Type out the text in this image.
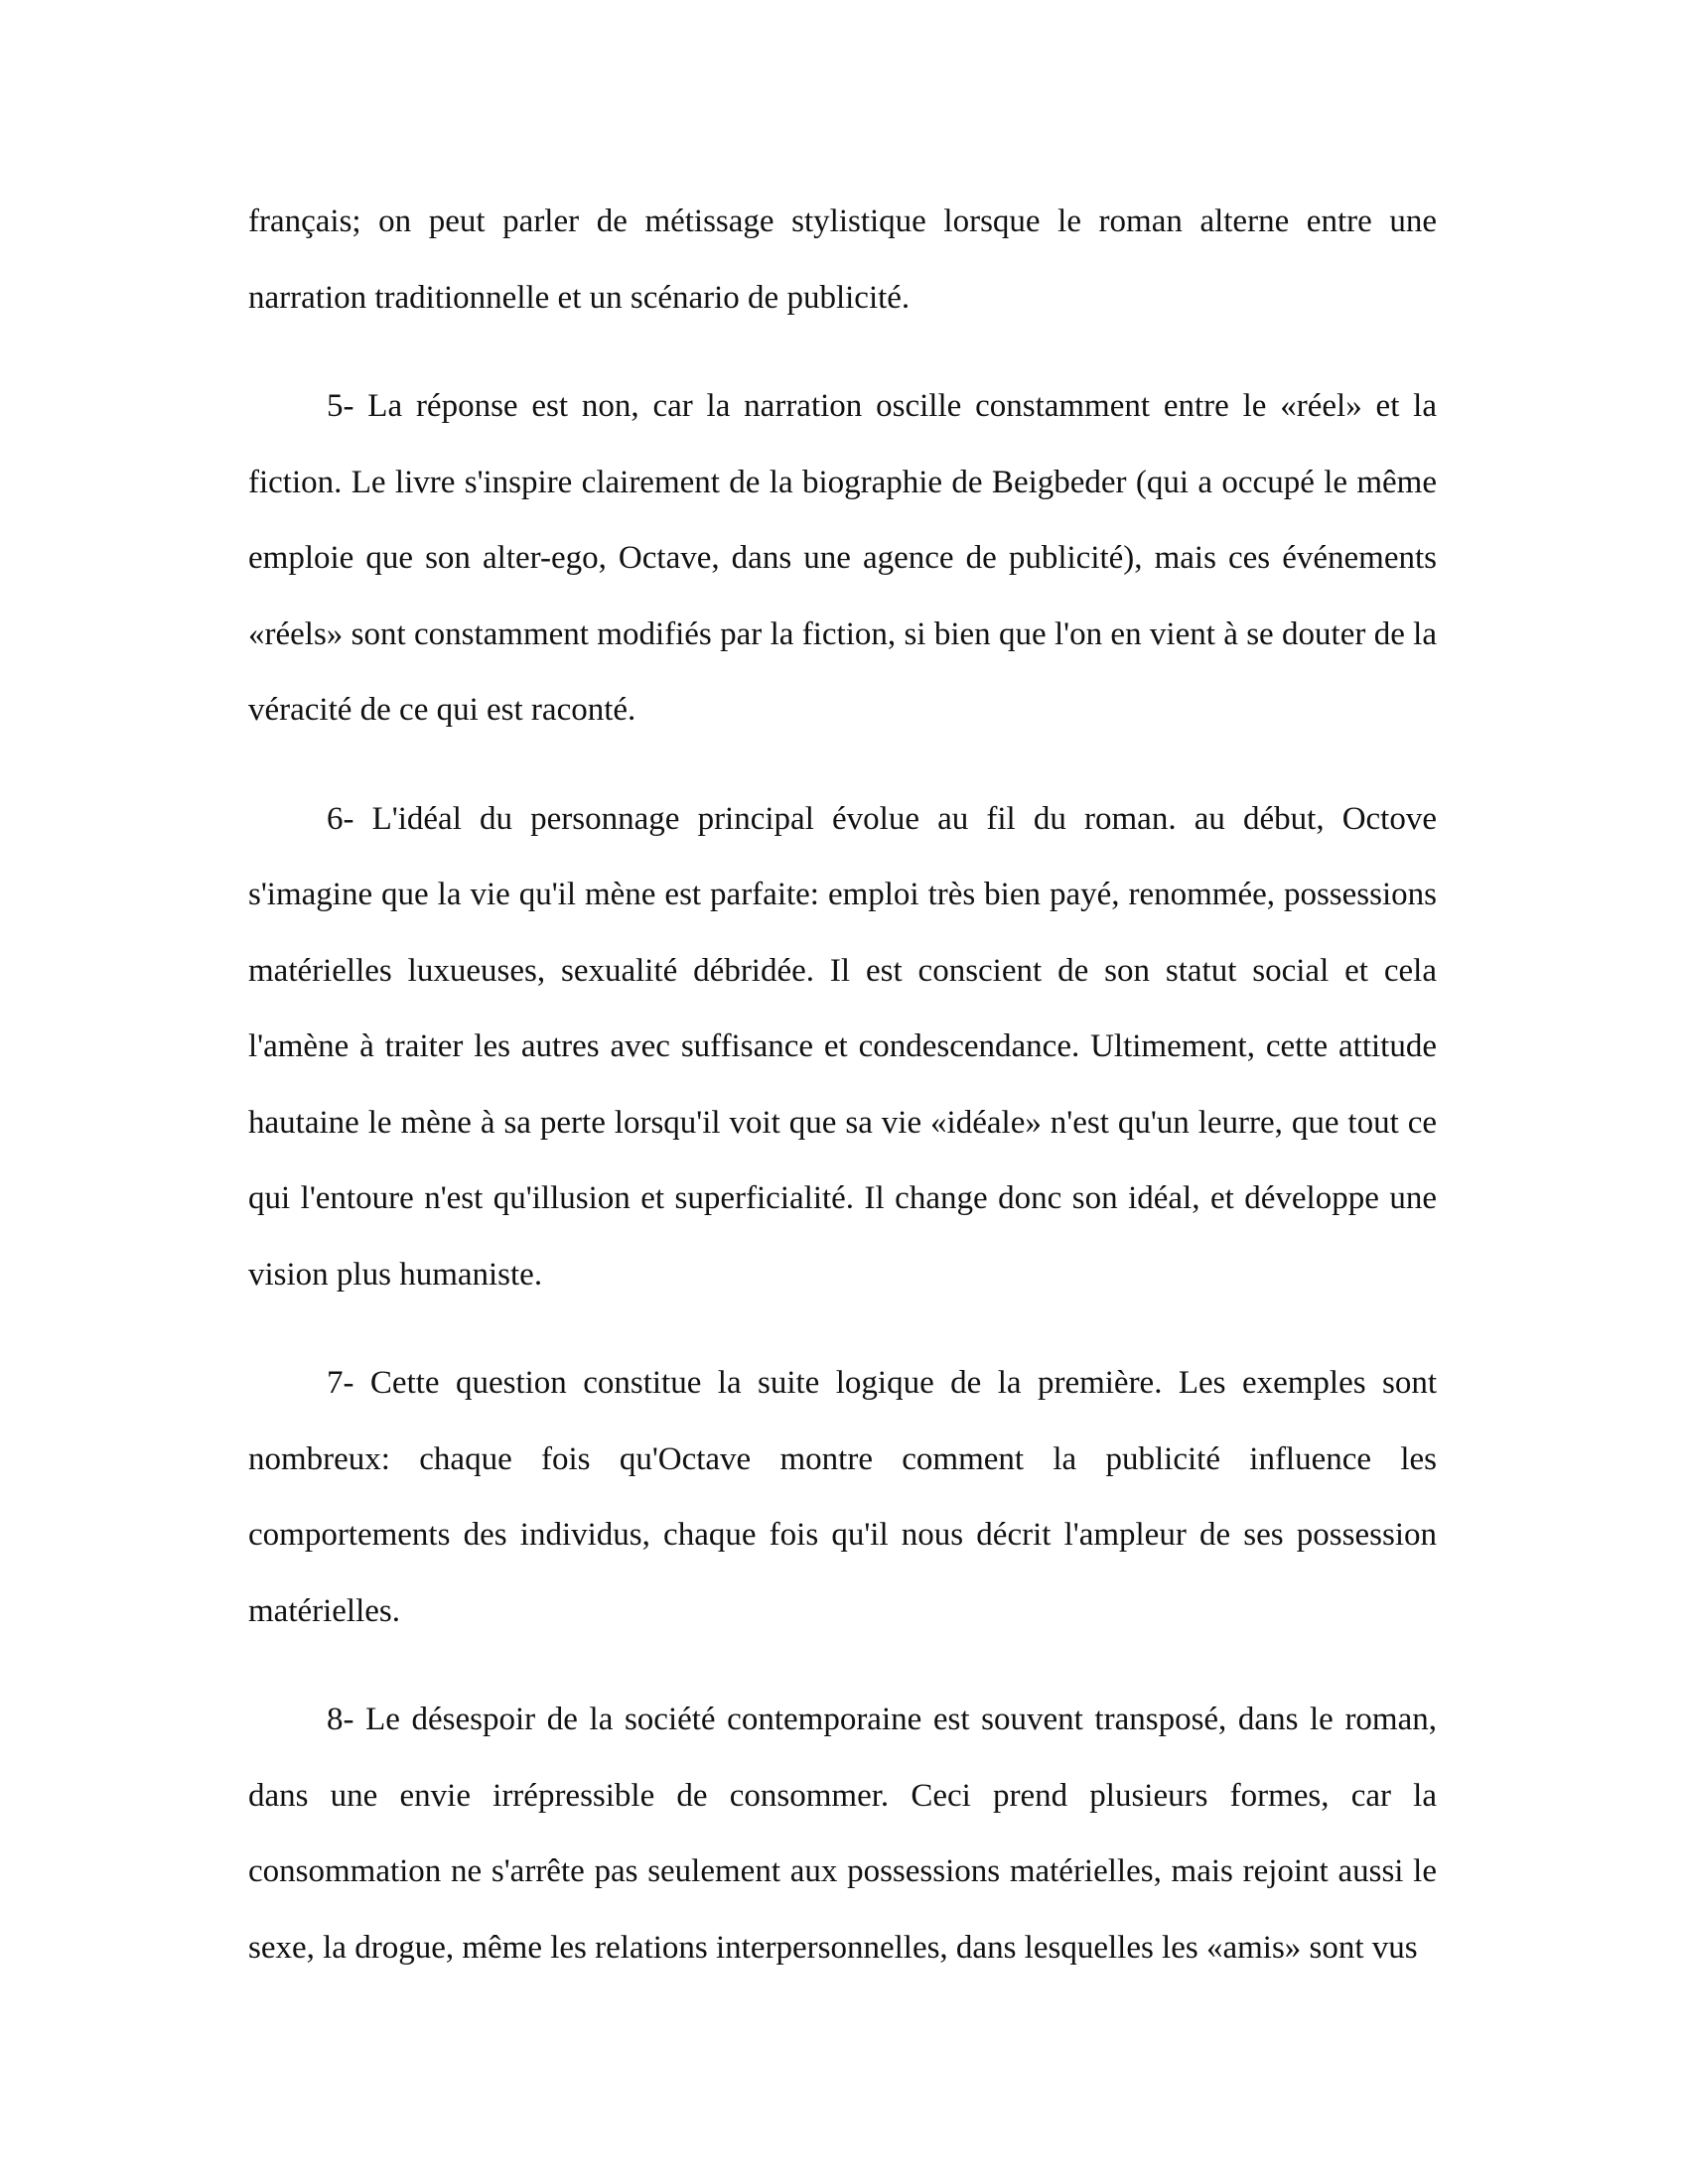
français; on peut parler de métissage stylistique lorsque le roman alterne entre une narration traditionnelle et un scénario de publicité.

5- La réponse est non, car la narration oscille constamment entre le «réel» et la fiction. Le livre s'inspire clairement de la biographie de Beigbeder (qui a occupé le même emploie que son alter-ego, Octave, dans une agence de publicité), mais ces événements «réels» sont constamment modifiés par la fiction, si bien que l'on en vient à se douter de la véracité de ce qui est raconté.

6- L'idéal du personnage principal évolue au fil du roman. au début, Octove s'imagine que la vie qu'il mène est parfaite: emploi très bien payé, renommée, possessions matérielles luxueuses, sexualité débridée. Il est conscient de son statut social et cela l'amène à traiter les autres avec suffisance et condescendance. Ultimement, cette attitude hautaine le mène à sa perte lorsqu'il voit que sa vie «idéale» n'est qu'un leurre, que tout ce qui l'entoure n'est qu'illusion et superficialité. Il change donc son idéal, et développe une vision plus humaniste.

7- Cette question constitue la suite logique de la première. Les exemples sont nombreux: chaque fois qu'Octave montre comment la publicité influence les comportements des individus, chaque fois qu'il nous décrit l'ampleur de ses possession matérielles.

8- Le désespoir de la société contemporaine est souvent transposé, dans le roman, dans une envie irrépressible de consommer. Ceci prend plusieurs formes, car la consommation ne s'arrête pas seulement aux possessions matérielles, mais rejoint aussi le sexe, la drogue, même les relations interpersonnelles, dans lesquelles les «amis» sont vus
